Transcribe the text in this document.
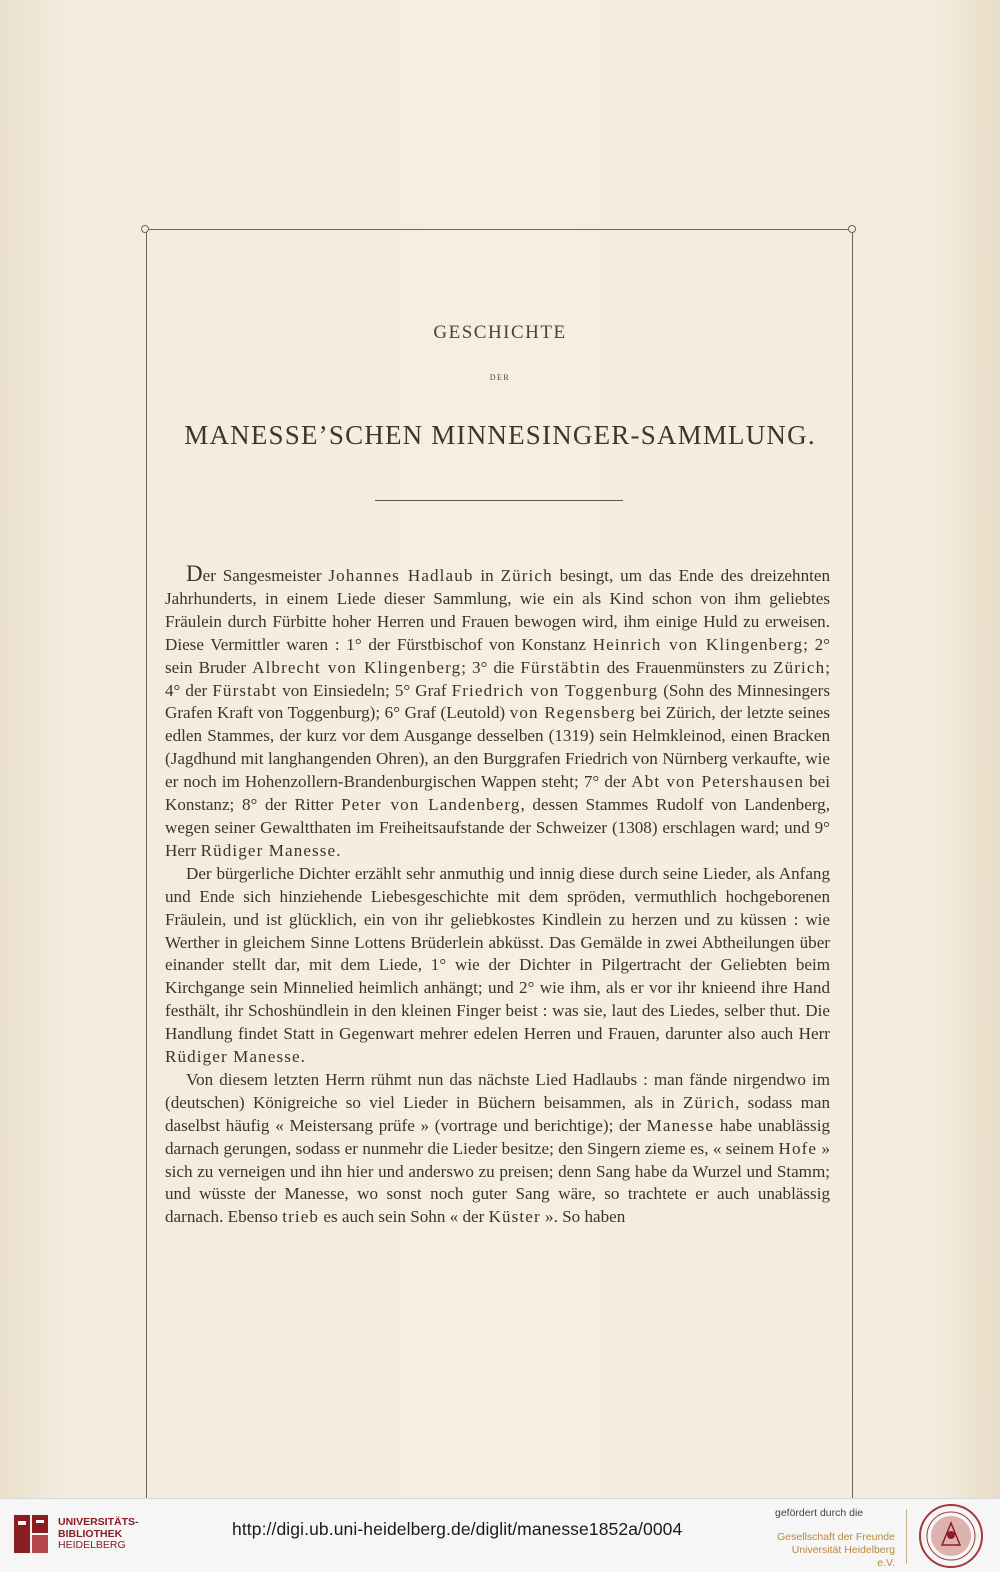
GESCHICHTE
DER
MANESSE’SCHEN MINNESINGER-SAMMLUNG.

Der Sangesmeister Johannes Hadlaub in Zürich besingt, um das Ende des dreizehnten Jahrhunderts, in einem Liede dieser Sammlung, wie ein als Kind schon von ihm geliebtes Fräulein durch Fürbitte hoher Herren und Frauen bewogen wird, ihm einige Huld zu erweisen. Diese Vermittler waren : 1° der Fürstbischof von Konstanz Heinrich von Klingenberg; 2° sein Bruder Albrecht von Klingenberg; 3° die Fürstäbtin des Frauenmünsters zu Zürich; 4° der Fürstabt von Einsiedeln; 5° Graf Friedrich von Toggenburg (Sohn des Minnesingers Grafen Kraft von Toggenburg); 6° Graf (Leutold) von Regensberg bei Zürich, der letzte seines edlen Stammes, der kurz vor dem Ausgange desselben (1319) sein Helmkleinod, einen Bracken (Jagdhund mit langhangenden Ohren), an den Burggrafen Friedrich von Nürnberg verkaufte, wie er noch im Hohenzollern-Brandenburgischen Wappen steht; 7° der Abt von Petershausen bei Konstanz; 8° der Ritter Peter von Landenberg, dessen Stammes Rudolf von Landenberg, wegen seiner Gewaltthaten im Freiheitsaufstande der Schweizer (1308) erschlagen ward; und 9° Herr Rüdiger Manesse.

Der bürgerliche Dichter erzählt sehr anmuthig und innig diese durch seine Lieder, als Anfang und Ende sich hinziehende Liebesgeschichte mit dem spröden, vermuthlich hochgeborenen Fräulein, und ist glücklich, ein von ihr geliebkostes Kindlein zu herzen und zu küssen : wie Werther in gleichem Sinne Lottens Brüderlein abküsst. Das Gemälde in zwei Abtheilungen über einander stellt dar, mit dem Liede, 1° wie der Dichter in Pilgertracht der Geliebten beim Kirchgange sein Minnelied heimlich anhängt; und 2° wie ihm, als er vor ihr knieend ihre Hand festhält, ihr Schoshündlein in den kleinen Finger beist : was sie, laut des Liedes, selber thut. Die Handlung findet Statt in Gegenwart mehrer edelen Herren und Frauen, darunter also auch Herr Rüdiger Manesse.

Von diesem letzten Herrn rühmt nun das nächste Lied Hadlaubs : man fände nirgendwo im (deutschen) Königreiche so viel Lieder in Büchern beisammen, als in Zürich, sodass man daselbst häufig « Meistersang prüfe » (vortrage und berichtige); der Manesse habe unablässig darnach gerungen, sodass er nunmehr die Lieder besitze; den Singern zieme es, « seinem Hofe » sich zu verneigen und ihn hier und anderswo zu preisen; denn Sang habe da Wurzel und Stamm; und wüsste der Manesse, wo sonst noch guter Sang wäre, so trachtete er auch unablässig darnach. Ebenso trieb es auch sein Sohn « der Küster ». So haben

UNIVERSITÄTS-
BIBLIOTHEK
HEIDELBERG
http://digi.ub.uni-heidelberg.de/diglit/manesse1852a/0004
gefördert durch die
Gesellschaft der Freunde
Universität Heidelberg e.V.
